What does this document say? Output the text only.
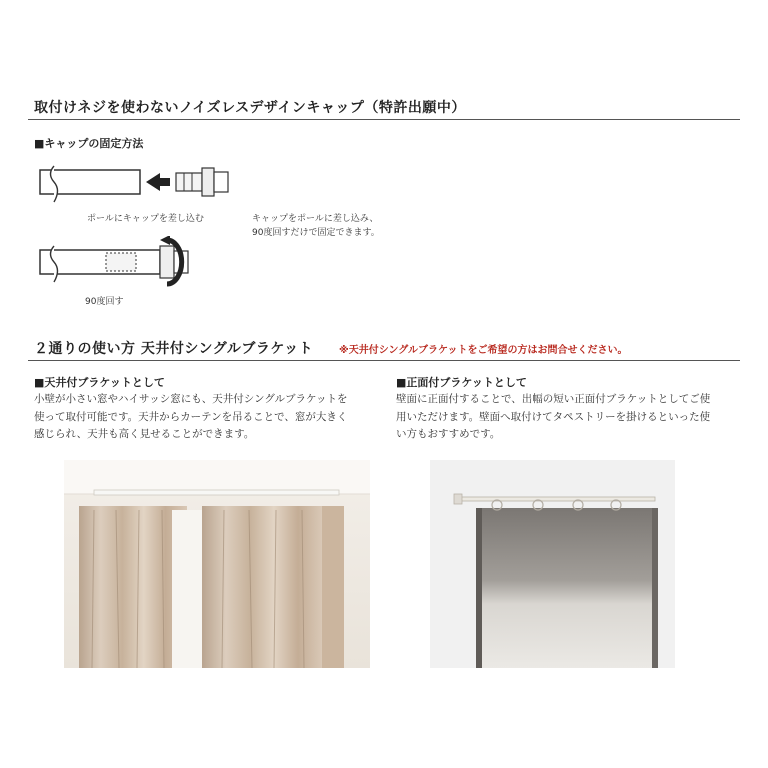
取付けネジを使わないノイズレスデザインキャップ（特許出願中）
■キャップの固定方法
ポールにキャップを差し込む	キャップをポールに差し込み、
90度回すだけで固定できます。
90度回す
２通りの使い方 天井付シングルブラケット	※天井付シングルブラケットをご希望の方はお問合せください。
■天井付ブラケットとして
小壁が小さい窓やハイサッシ窓にも、天井付シングルブラケットを
使って取付可能です。天井からカーテンを吊ることで、窓が大きく
感じられ、天井も高く見せることができます。
■正面付ブラケットとして
壁面に正面付することで、出幅の短い正面付ブラケットとしてご使
用いただけます。壁面へ取付けてタペストリーを掛けるといった使
い方もおすすめです。
